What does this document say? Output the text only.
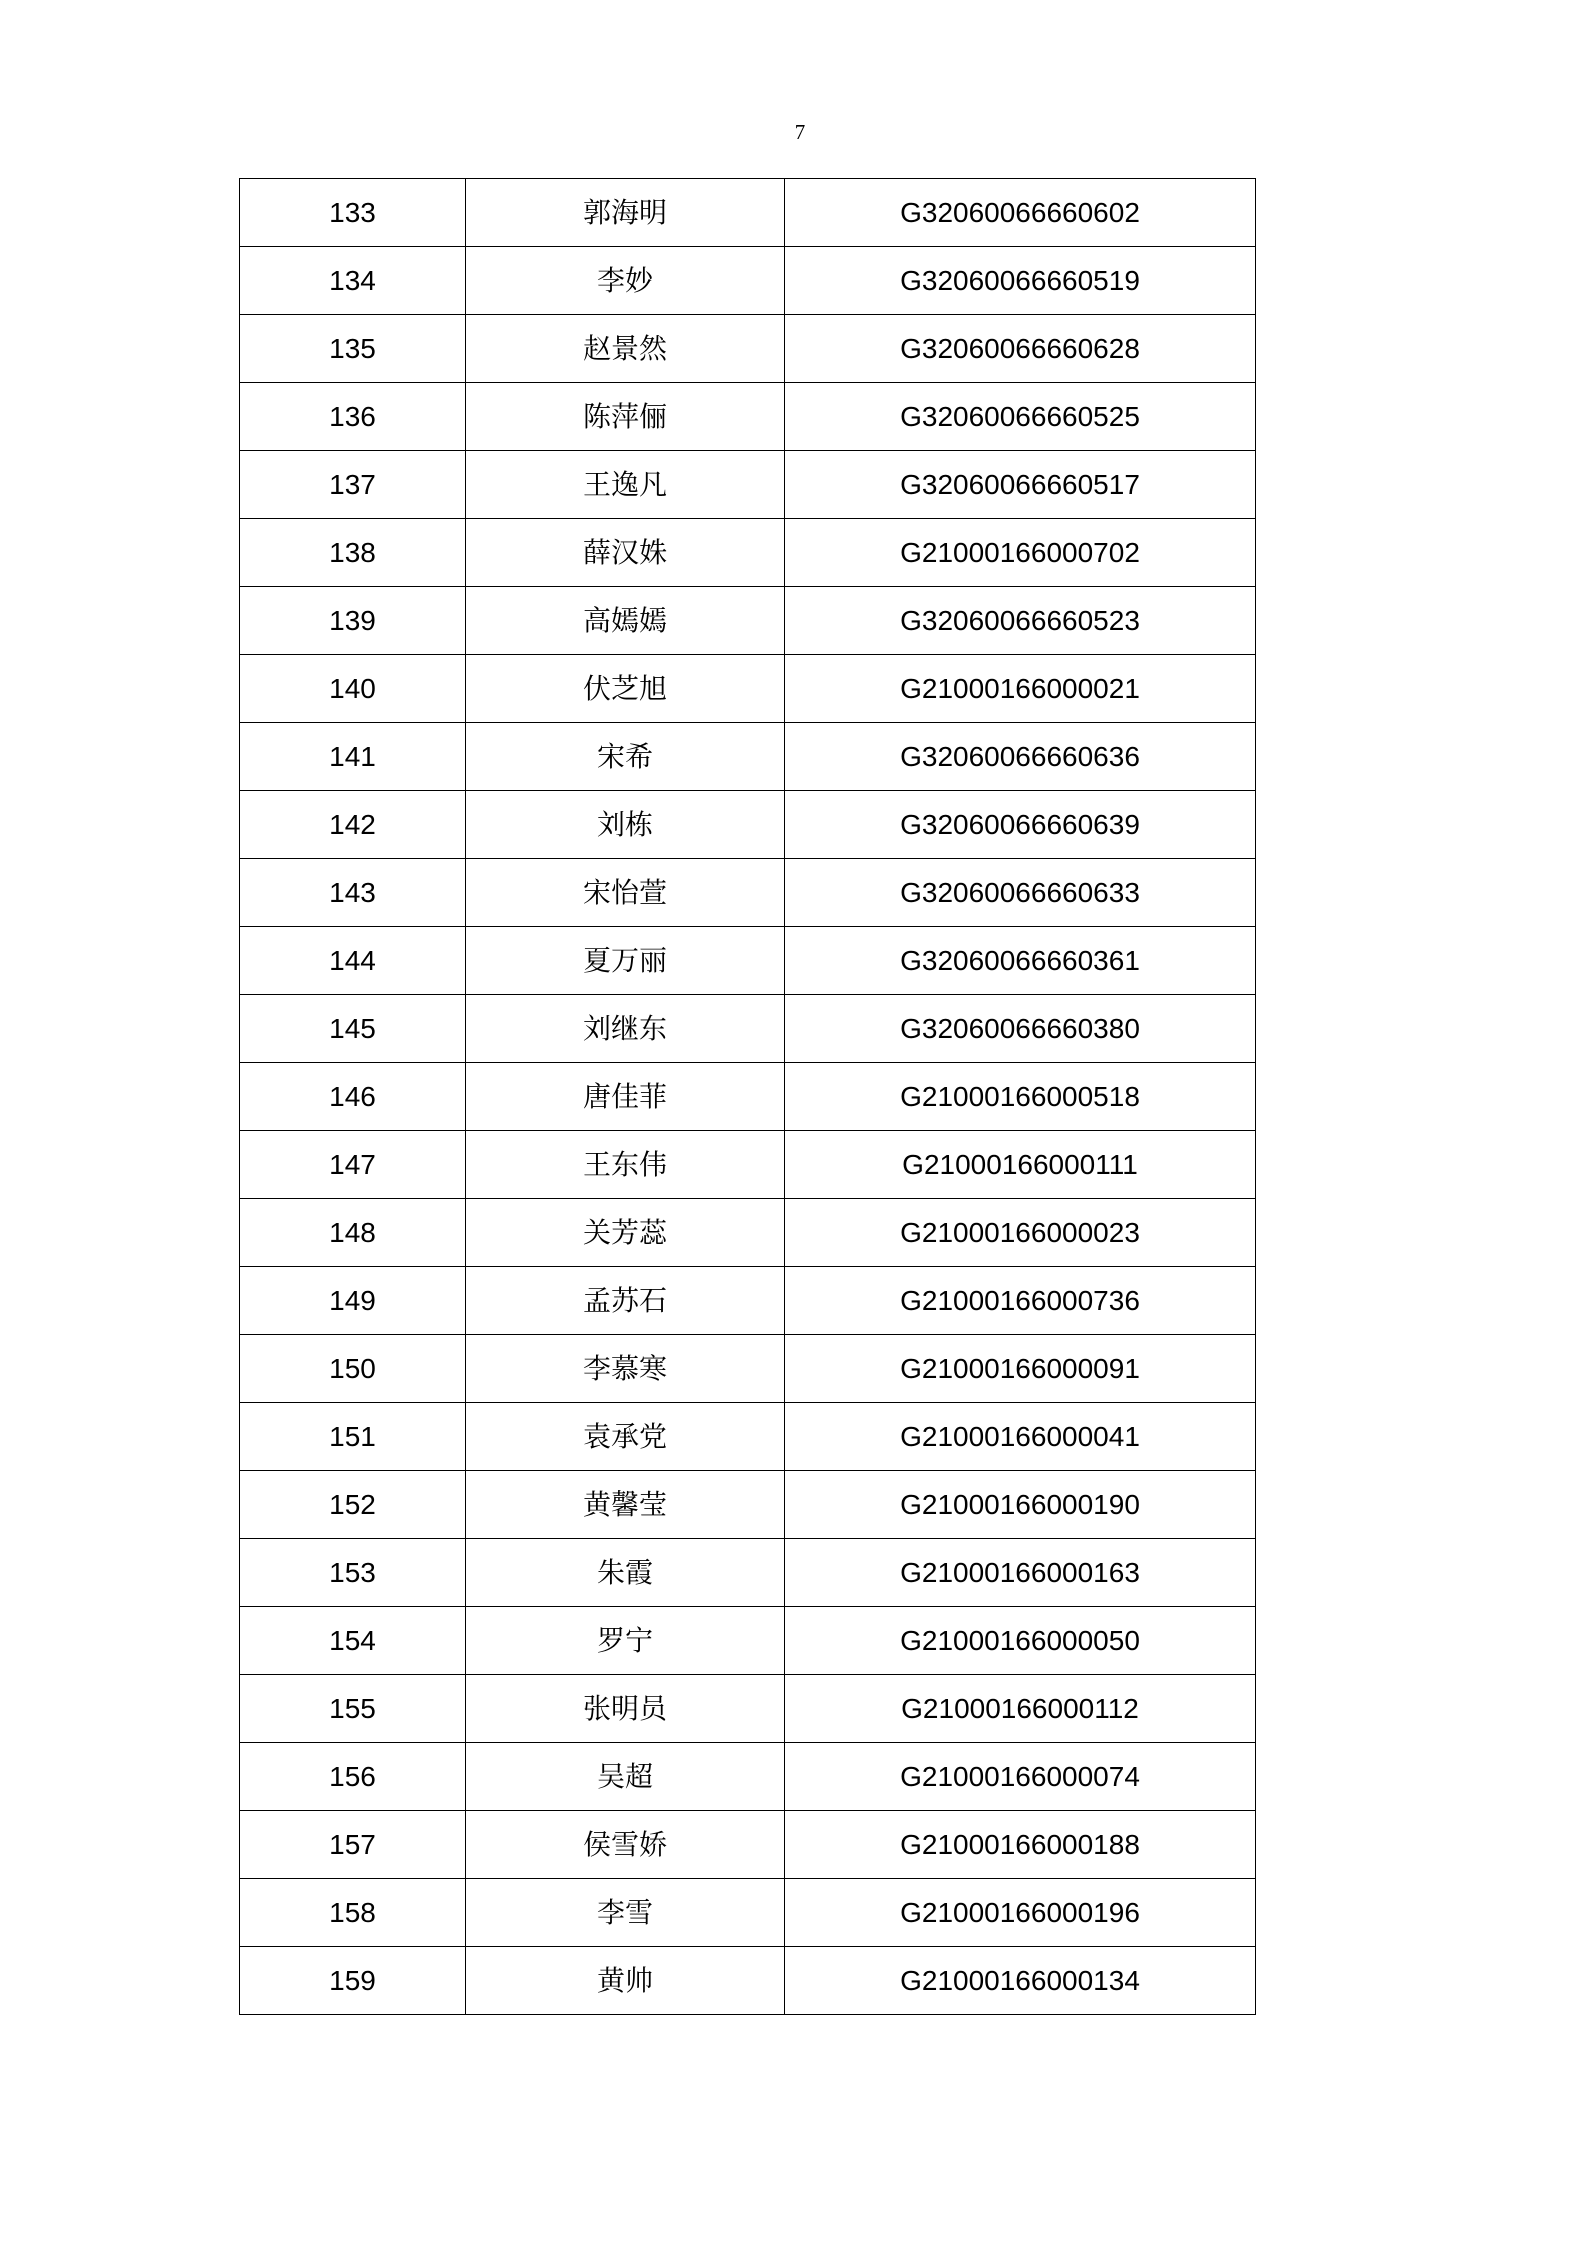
7
133	郭海明	G32060066660602
134	李妙	G32060066660519
135	赵景然	G32060066660628
136	陈萍俪	G32060066660525
137	王逸凡	G32060066660517
138	薛汉姝	G21000166000702
139	高嫣嫣	G32060066660523
140	伏芝旭	G21000166000021
141	宋希	G32060066660636
142	刘栋	G32060066660639
143	宋怡萱	G32060066660633
144	夏万丽	G32060066660361
145	刘继东	G32060066660380
146	唐佳菲	G21000166000518
147	王东伟	G21000166000111
148	关芳蕊	G21000166000023
149	孟苏石	G21000166000736
150	李慕寒	G21000166000091
151	袁承党	G21000166000041
152	黄馨莹	G21000166000190
153	朱霞	G21000166000163
154	罗宁	G21000166000050
155	张明员	G21000166000112
156	吴超	G21000166000074
157	侯雪娇	G21000166000188
158	李雪	G21000166000196
159	黄帅	G21000166000134
